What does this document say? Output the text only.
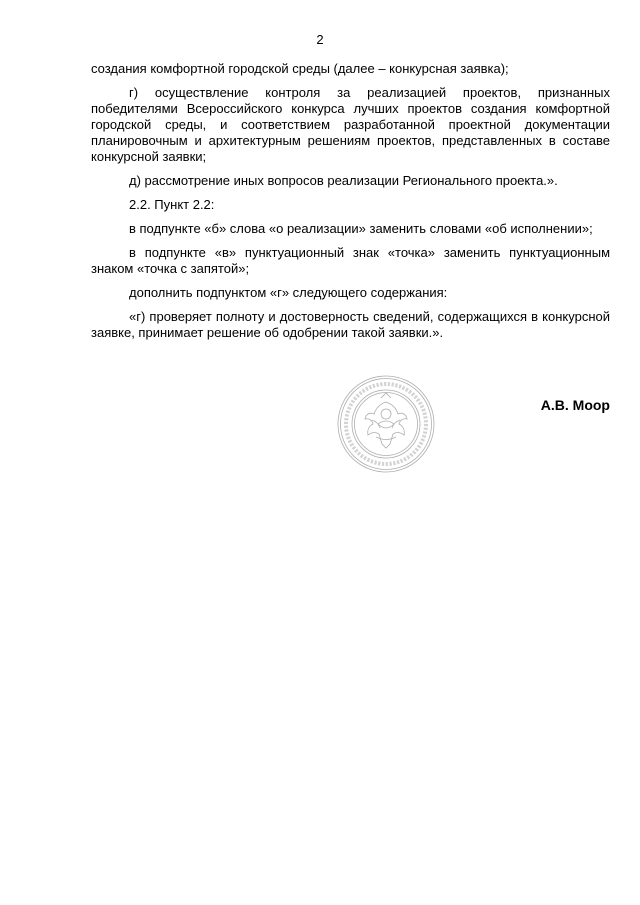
2

создания комфортной городской среды (далее – конкурсная заявка);

г) осуществление контроля за реализацией проектов, признанных победителями Всероссийского конкурса лучших проектов создания комфортной городской среды, и соответствием разработанной проектной документации планировочным и архитектурным решениям проектов, представленных в составе конкурсной заявки;

д) рассмотрение иных вопросов реализации Регионального проекта.».

2.2. Пункт 2.2:

в подпункте «б» слова «о реализации» заменить словами «об исполнении»;

в подпункте «в» пунктуационный знак «точка» заменить пунктуационным знаком «точка с запятой»;

дополнить подпунктом «г» следующего содержания:

«г) проверяет полноту и достоверность сведений, содержащихся в конкурсной заявке, принимает решение об одобрении такой заявки.».

А.В. Моор
